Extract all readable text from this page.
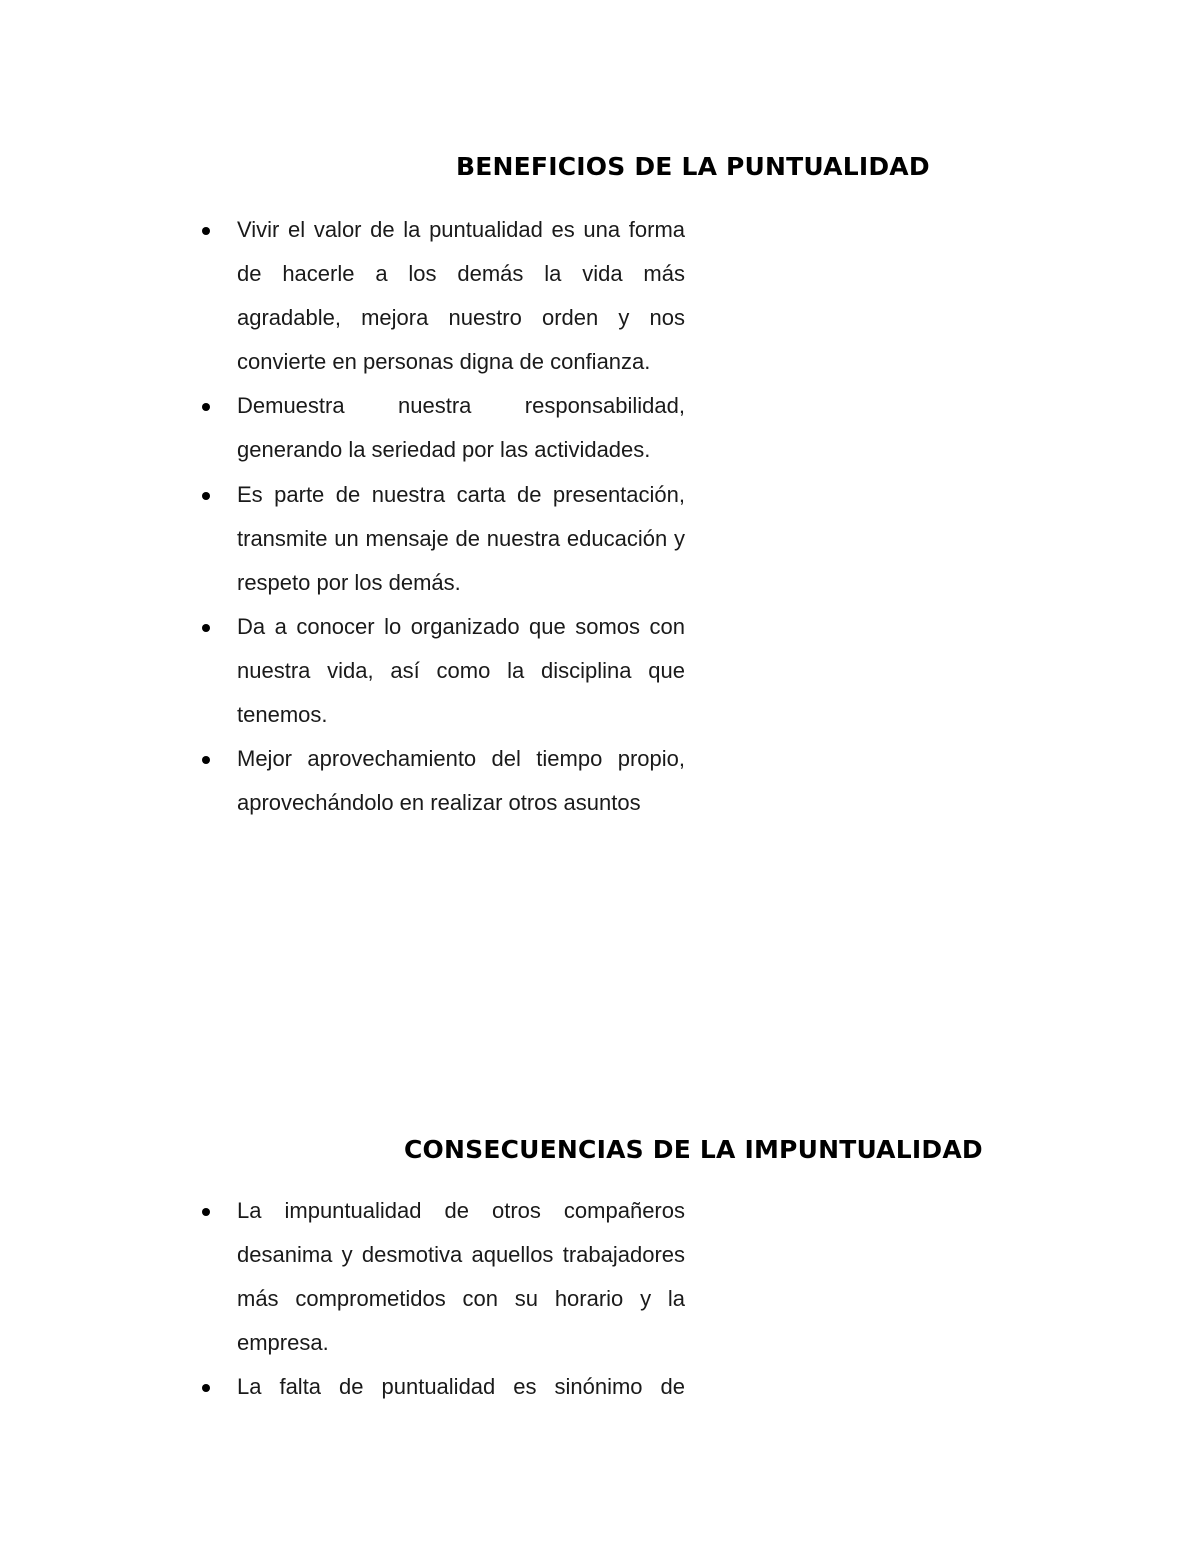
BENEFICIOS DE LA PUNTUALIDAD
Vivir el valor de la puntualidad es una forma de hacerle a los demás la vida más agradable, mejora nuestro orden y nos convierte en personas digna de confianza.
Demuestra nuestra responsabilidad, generando la seriedad por las actividades.
Es parte de nuestra carta de presentación, transmite un mensaje de nuestra educación y respeto por los demás.
Da a conocer lo organizado que somos con nuestra vida, así como la disciplina que tenemos.
Mejor aprovechamiento del tiempo propio, aprovechándolo en realizar otros asuntos
CONSECUENCIAS DE LA IMPUNTUALIDAD
La impuntualidad de otros compañeros desanima y desmotiva aquellos trabajadores más comprometidos con su horario y la empresa.
La falta de puntualidad es sinónimo de
